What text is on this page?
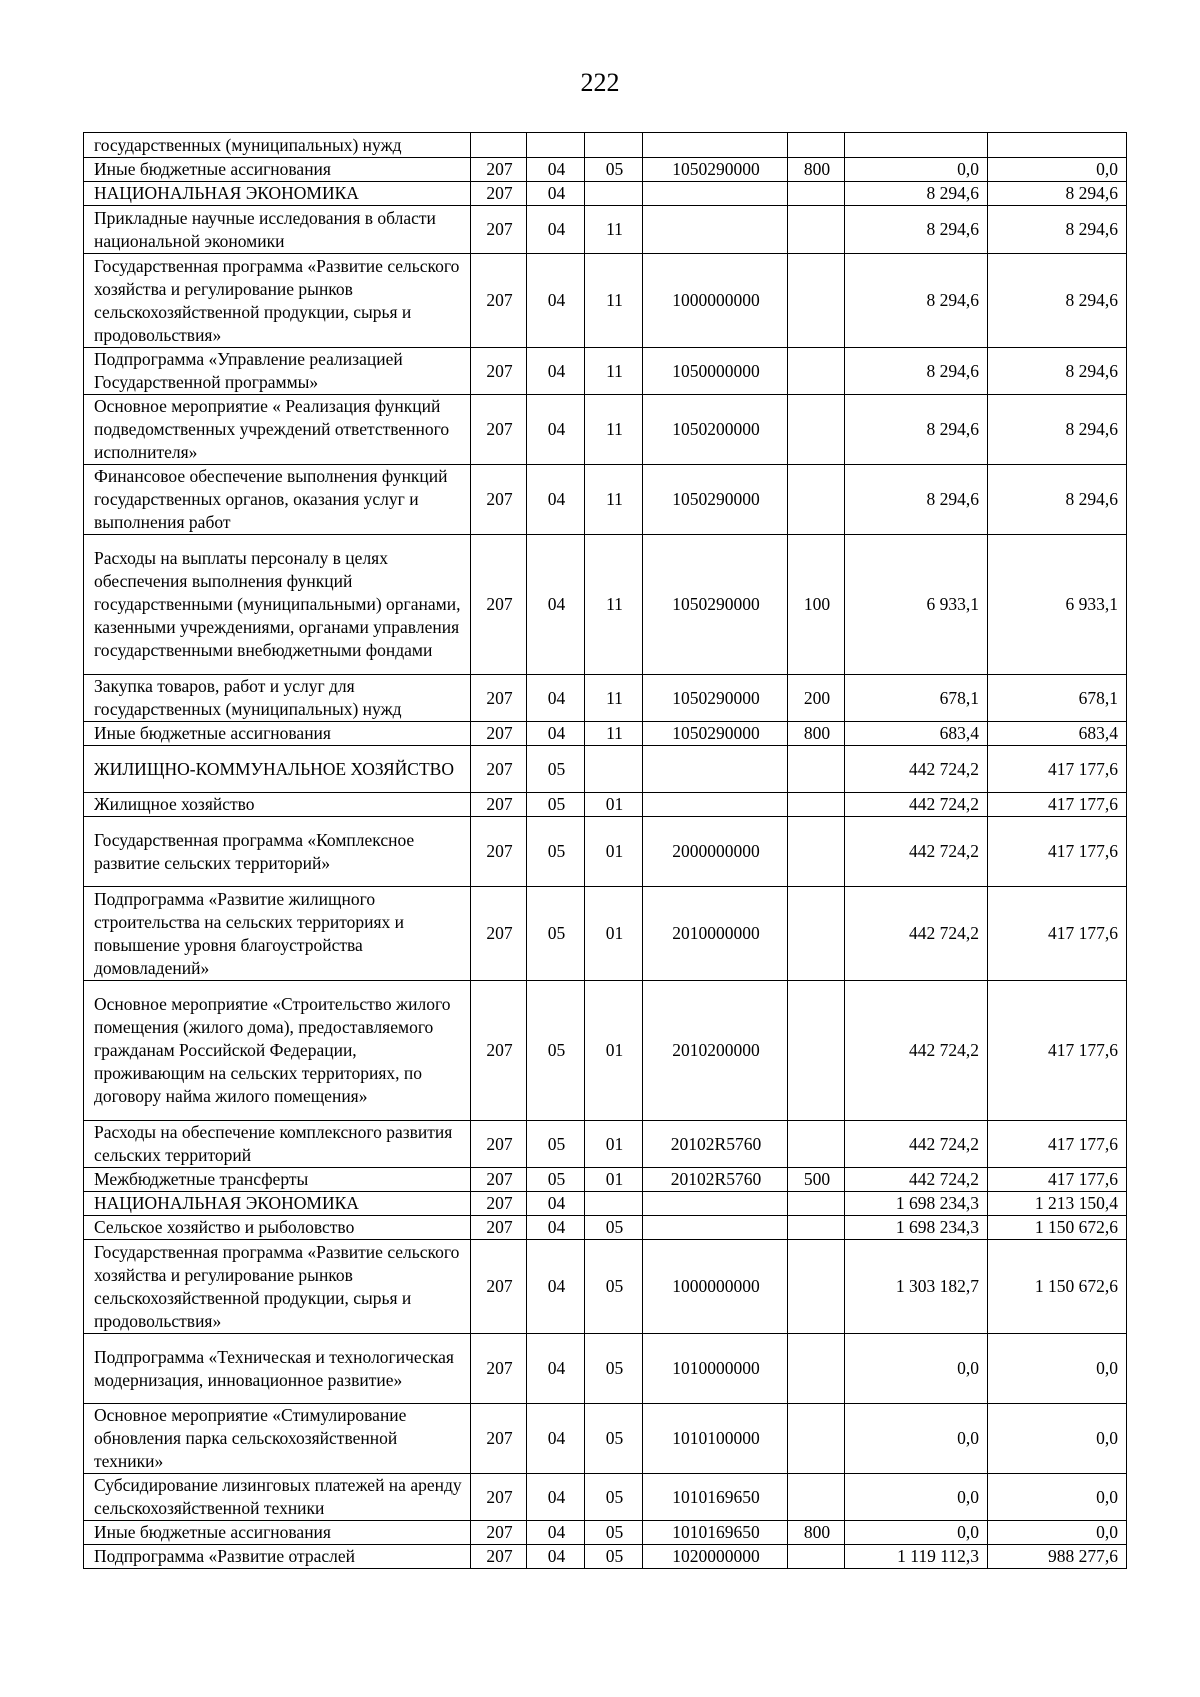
222
государственных (муниципальных) нужд							
Иные бюджетные ассигнования	207	04	05	1050290000	800	0,0	0,0
НАЦИОНАЛЬНАЯ ЭКОНОМИКА	207	04				8 294,6	8 294,6
Прикладные научные исследования в области национальной экономики	207	04	11			8 294,6	8 294,6
Государственная программа «Развитие сельского хозяйства и регулирование рынков сельскохозяйственной продукции, сырья и продовольствия»	207	04	11	1000000000		8 294,6	8 294,6
Подпрограмма «Управление реализацией Государственной программы»	207	04	11	1050000000		8 294,6	8 294,6
Основное мероприятие « Реализация функций подведомственных учреждений ответственного исполнителя»	207	04	11	1050200000		8 294,6	8 294,6
Финансовое обеспечение выполнения функций государственных органов, оказания услуг и выполнения работ	207	04	11	1050290000		8 294,6	8 294,6
Расходы на выплаты персоналу в целях обеспечения выполнения функций государственными (муниципальными) органами, казенными учреждениями, органами управления государственными внебюджетными фондами	207	04	11	1050290000	100	6 933,1	6 933,1
Закупка товаров, работ и услуг для государственных (муниципальных) нужд	207	04	11	1050290000	200	678,1	678,1
Иные бюджетные ассигнования	207	04	11	1050290000	800	683,4	683,4
ЖИЛИЩНО-КОММУНАЛЬНОЕ ХОЗЯЙСТВО	207	05				442 724,2	417 177,6
Жилищное хозяйство	207	05	01			442 724,2	417 177,6
Государственная программа «Комплексное развитие сельских территорий»	207	05	01	2000000000		442 724,2	417 177,6
Подпрограмма «Развитие жилищного строительства на сельских территориях и повышение уровня благоустройства домовладений»	207	05	01	2010000000		442 724,2	417 177,6
Основное мероприятие «Строительство жилого помещения (жилого дома), предоставляемого гражданам Российской Федерации, проживающим на сельских территориях, по договору найма жилого помещения»	207	05	01	2010200000		442 724,2	417 177,6
Расходы на обеспечение комплексного развития сельских территорий	207	05	01	20102R5760		442 724,2	417 177,6
Межбюджетные трансферты	207	05	01	20102R5760	500	442 724,2	417 177,6
НАЦИОНАЛЬНАЯ ЭКОНОМИКА	207	04				1 698 234,3	1 213 150,4
Сельское хозяйство и рыболовство	207	04	05			1 698 234,3	1 150 672,6
Государственная программа «Развитие сельского хозяйства и регулирование рынков сельскохозяйственной продукции, сырья и продовольствия»	207	04	05	1000000000		1 303 182,7	1 150 672,6
Подпрограмма «Техническая и технологическая модернизация, инновационное развитие»	207	04	05	1010000000		0,0	0,0
Основное мероприятие «Стимулирование обновления парка сельскохозяйственной техники»	207	04	05	1010100000		0,0	0,0
Субсидирование лизинговых платежей на аренду сельскохозяйственной техники	207	04	05	1010169650		0,0	0,0
Иные бюджетные ассигнования	207	04	05	1010169650	800	0,0	0,0
Подпрограмма «Развитие отраслей	207	04	05	1020000000		1 119 112,3	988 277,6
